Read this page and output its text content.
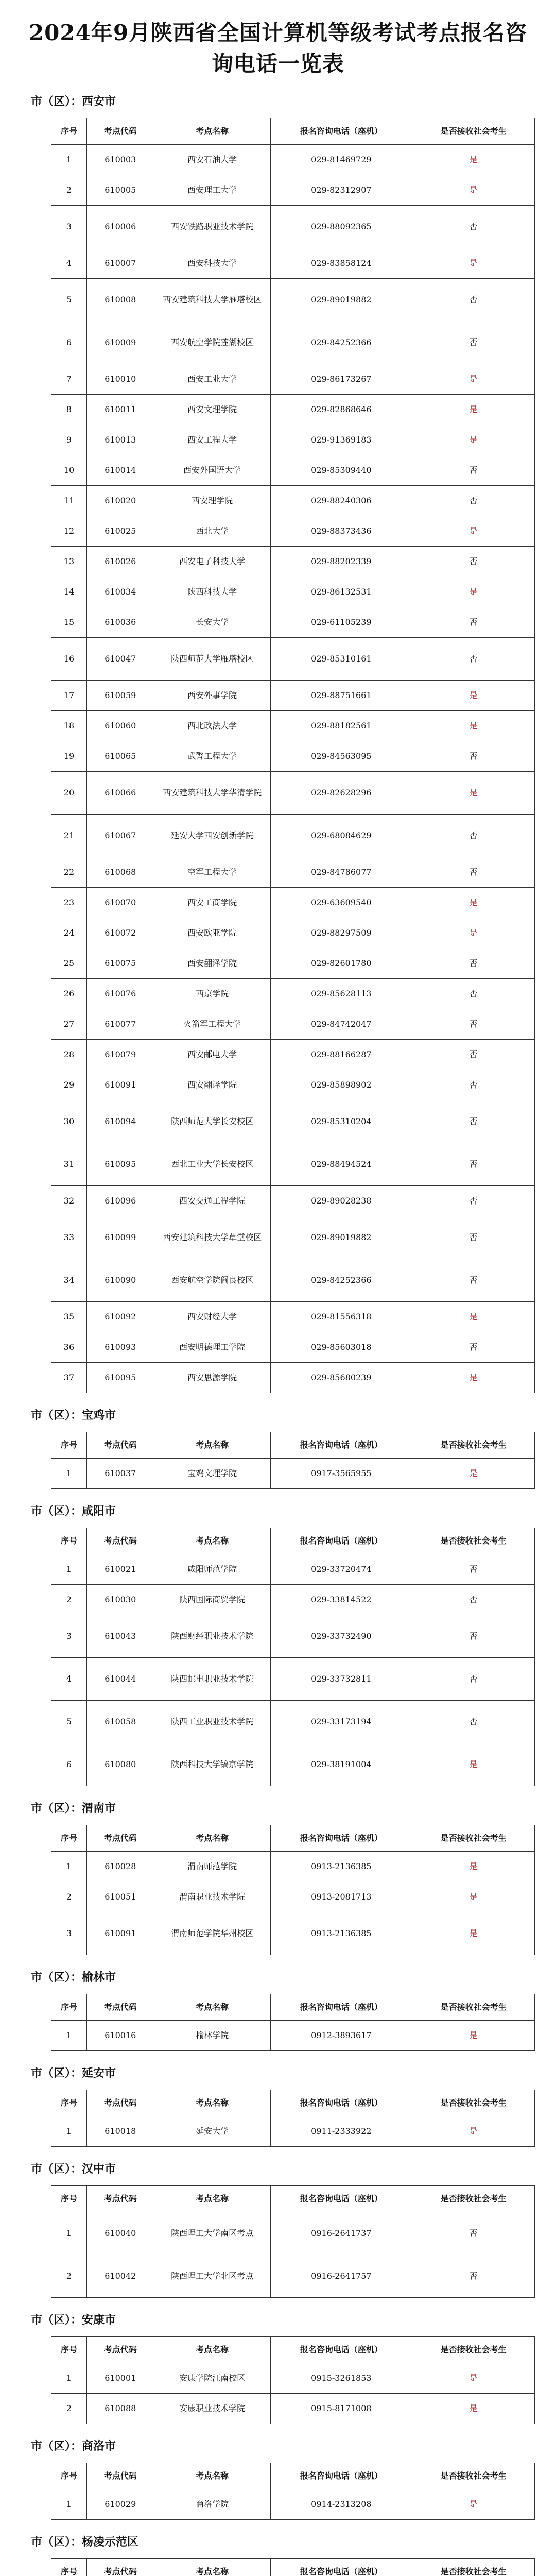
2024年9月陕西省全国计算机等级考试考点报名咨询电话一览表
市（区）：西安市
序号	考点代码	考点名称	报名咨询电话（座机）	是否接收社会考生
1	610003	西安石油大学	029-81469729	是
2	610005	西安理工大学	029-82312907	是
3	610006	西安铁路职业技术学院	029-88092365	否
4	610007	西安科技大学	029-83858124	是
5	610008	西安建筑科技大学雁塔校区	029-89019882	否
6	610009	西安航空学院莲湖校区	029-84252366	否
7	610010	西安工业大学	029-86173267	是
8	610011	西安文理学院	029-82868646	是
9	610013	西安工程大学	029-91369183	是
10	610014	西安外国语大学	029-85309440	否
11	610020	西安理学院	029-88240306	否
12	610025	西北大学	029-88373436	是
13	610026	西安电子科技大学	029-88202339	否
14	610034	陕西科技大学	029-86132531	是
15	610036	长安大学	029-61105239	否
16	610047	陕西师范大学雁塔校区	029-85310161	否
17	610059	西安外事学院	029-88751661	是
18	610060	西北政法大学	029-88182561	是
19	610065	武警工程大学	029-84563095	否
20	610066	西安建筑科技大学华清学院	029-82628296	是
21	610067	延安大学西安创新学院	029-68084629	否
22	610068	空军工程大学	029-84786077	否
23	610070	西安工商学院	029-63609540	是
24	610072	西安欧亚学院	029-88297509	是
25	610075	西安翻译学院	029-82601780	否
26	610076	西京学院	029-85628113	否
27	610077	火箭军工程大学	029-84742047	否
28	610079	西安邮电大学	029-88166287	否
29	610091	西安翻译学院	029-85898902	否
30	610094	陕西师范大学长安校区	029-85310204	否
31	610095	西北工业大学长安校区	029-88494524	否
32	610096	西安交通工程学院	029-89028238	否
33	610099	西安建筑科技大学草堂校区	029-89019882	否
34	610090	西安航空学院阎良校区	029-84252366	否
35	610092	西安财经大学	029-81556318	是
36	610093	西安明德理工学院	029-85603018	否
37	610095	西安思源学院	029-85680239	是
市（区）：宝鸡市
序号	考点代码	考点名称	报名咨询电话（座机）	是否接收社会考生
1	610037	宝鸡文理学院	0917-3565955	是
市（区）：咸阳市
序号	考点代码	考点名称	报名咨询电话（座机）	是否接收社会考生
1	610021	咸阳师范学院	029-33720474	否
2	610030	陕西国际商贸学院	029-33814522	否
3	610043	陕西财经职业技术学院	029-33732490	否
4	610044	陕西邮电职业技术学院	029-33732811	否
5	610058	陕西工业职业技术学院	029-33173194	否
6	610080	陕西科技大学镐京学院	029-38191004	是
市（区）：渭南市
序号	考点代码	考点名称	报名咨询电话（座机）	是否接收社会考生
1	610028	渭南师范学院	0913-2136385	是
2	610051	渭南职业技术学院	0913-2081713	是
3	610091	渭南师范学院华州校区	0913-2136385	是
市（区）：榆林市
序号	考点代码	考点名称	报名咨询电话（座机）	是否接收社会考生
1	610016	榆林学院	0912-3893617	是
市（区）：延安市
序号	考点代码	考点名称	报名咨询电话（座机）	是否接收社会考生
1	610018	延安大学	0911-2333922	是
市（区）：汉中市
序号	考点代码	考点名称	报名咨询电话（座机）	是否接收社会考生
1	610040	陕西理工大学南区考点	0916-2641737	否
2	610042	陕西理工大学北区考点	0916-2641757	否
市（区）：安康市
序号	考点代码	考点名称	报名咨询电话（座机）	是否接收社会考生
1	610001	安康学院江南校区	0915-3261853	是
2	610088	安康职业技术学院	0915-8171008	是
市（区）：商洛市
序号	考点代码	考点名称	报名咨询电话（座机）	是否接收社会考生
1	610029	商洛学院	0914-2313208	是
市（区）：杨凌示范区
序号	考点代码	考点名称	报名咨询电话（座机）	是否接收社会考生
